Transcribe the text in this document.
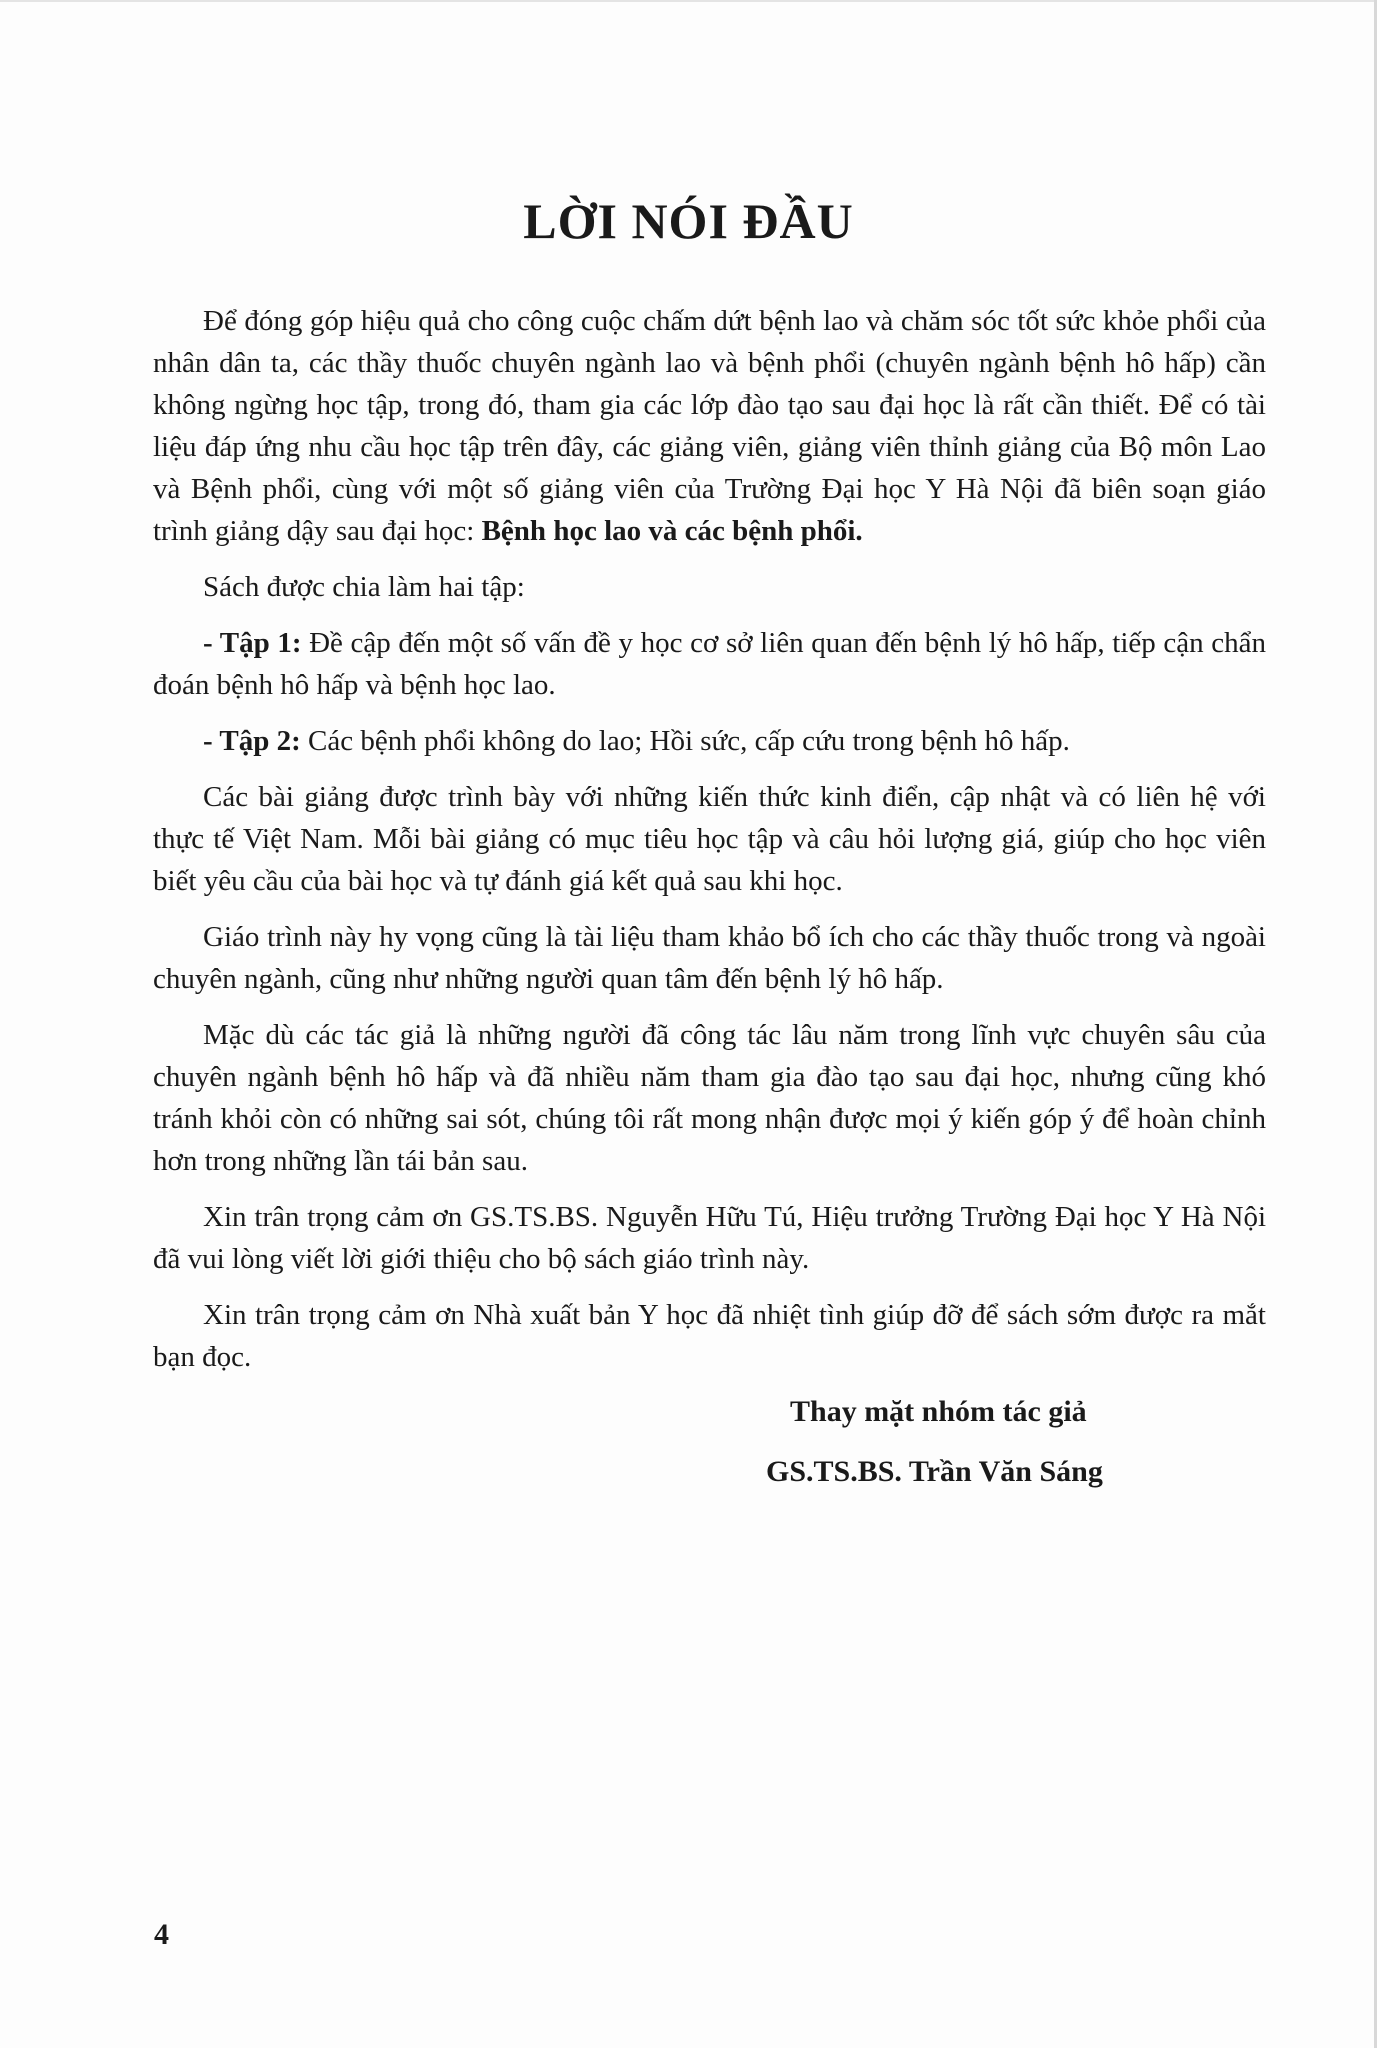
LỜI NÓI ĐẦU

Để đóng góp hiệu quả cho công cuộc chấm dứt bệnh lao và chăm sóc tốt sức khỏe phổi của nhân dân ta, các thầy thuốc chuyên ngành lao và bệnh phổi (chuyên ngành bệnh hô hấp) cần không ngừng học tập, trong đó, tham gia các lớp đào tạo sau đại học là rất cần thiết. Để có tài liệu đáp ứng nhu cầu học tập trên đây, các giảng viên, giảng viên thỉnh giảng của Bộ môn Lao và Bệnh phổi, cùng với một số giảng viên của Trường Đại học Y Hà Nội đã biên soạn giáo trình giảng dậy sau đại học: Bệnh học lao và các bệnh phổi.

Sách được chia làm hai tập:

- Tập 1: Đề cập đến một số vấn đề y học cơ sở liên quan đến bệnh lý hô hấp, tiếp cận chẩn đoán bệnh hô hấp và bệnh học lao.

- Tập 2: Các bệnh phổi không do lao; Hồi sức, cấp cứu trong bệnh hô hấp.

Các bài giảng được trình bày với những kiến thức kinh điển, cập nhật và có liên hệ với thực tế Việt Nam. Mỗi bài giảng có mục tiêu học tập và câu hỏi lượng giá, giúp cho học viên biết yêu cầu của bài học và tự đánh giá kết quả sau khi học.

Giáo trình này hy vọng cũng là tài liệu tham khảo bổ ích cho các thầy thuốc trong và ngoài chuyên ngành, cũng như những người quan tâm đến bệnh lý hô hấp.

Mặc dù các tác giả là những người đã công tác lâu năm trong lĩnh vực chuyên sâu của chuyên ngành bệnh hô hấp và đã nhiều năm tham gia đào tạo sau đại học, nhưng cũng khó tránh khỏi còn có những sai sót, chúng tôi rất mong nhận được mọi ý kiến góp ý để hoàn chỉnh hơn trong những lần tái bản sau.

Xin trân trọng cảm ơn GS.TS.BS. Nguyễn Hữu Tú, Hiệu trưởng Trường Đại học Y Hà Nội đã vui lòng viết lời giới thiệu cho bộ sách giáo trình này.

Xin trân trọng cảm ơn Nhà xuất bản Y học đã nhiệt tình giúp đỡ để sách sớm được ra mắt bạn đọc.

Thay mặt nhóm tác giả
GS.TS.BS. Trần Văn Sáng
4
